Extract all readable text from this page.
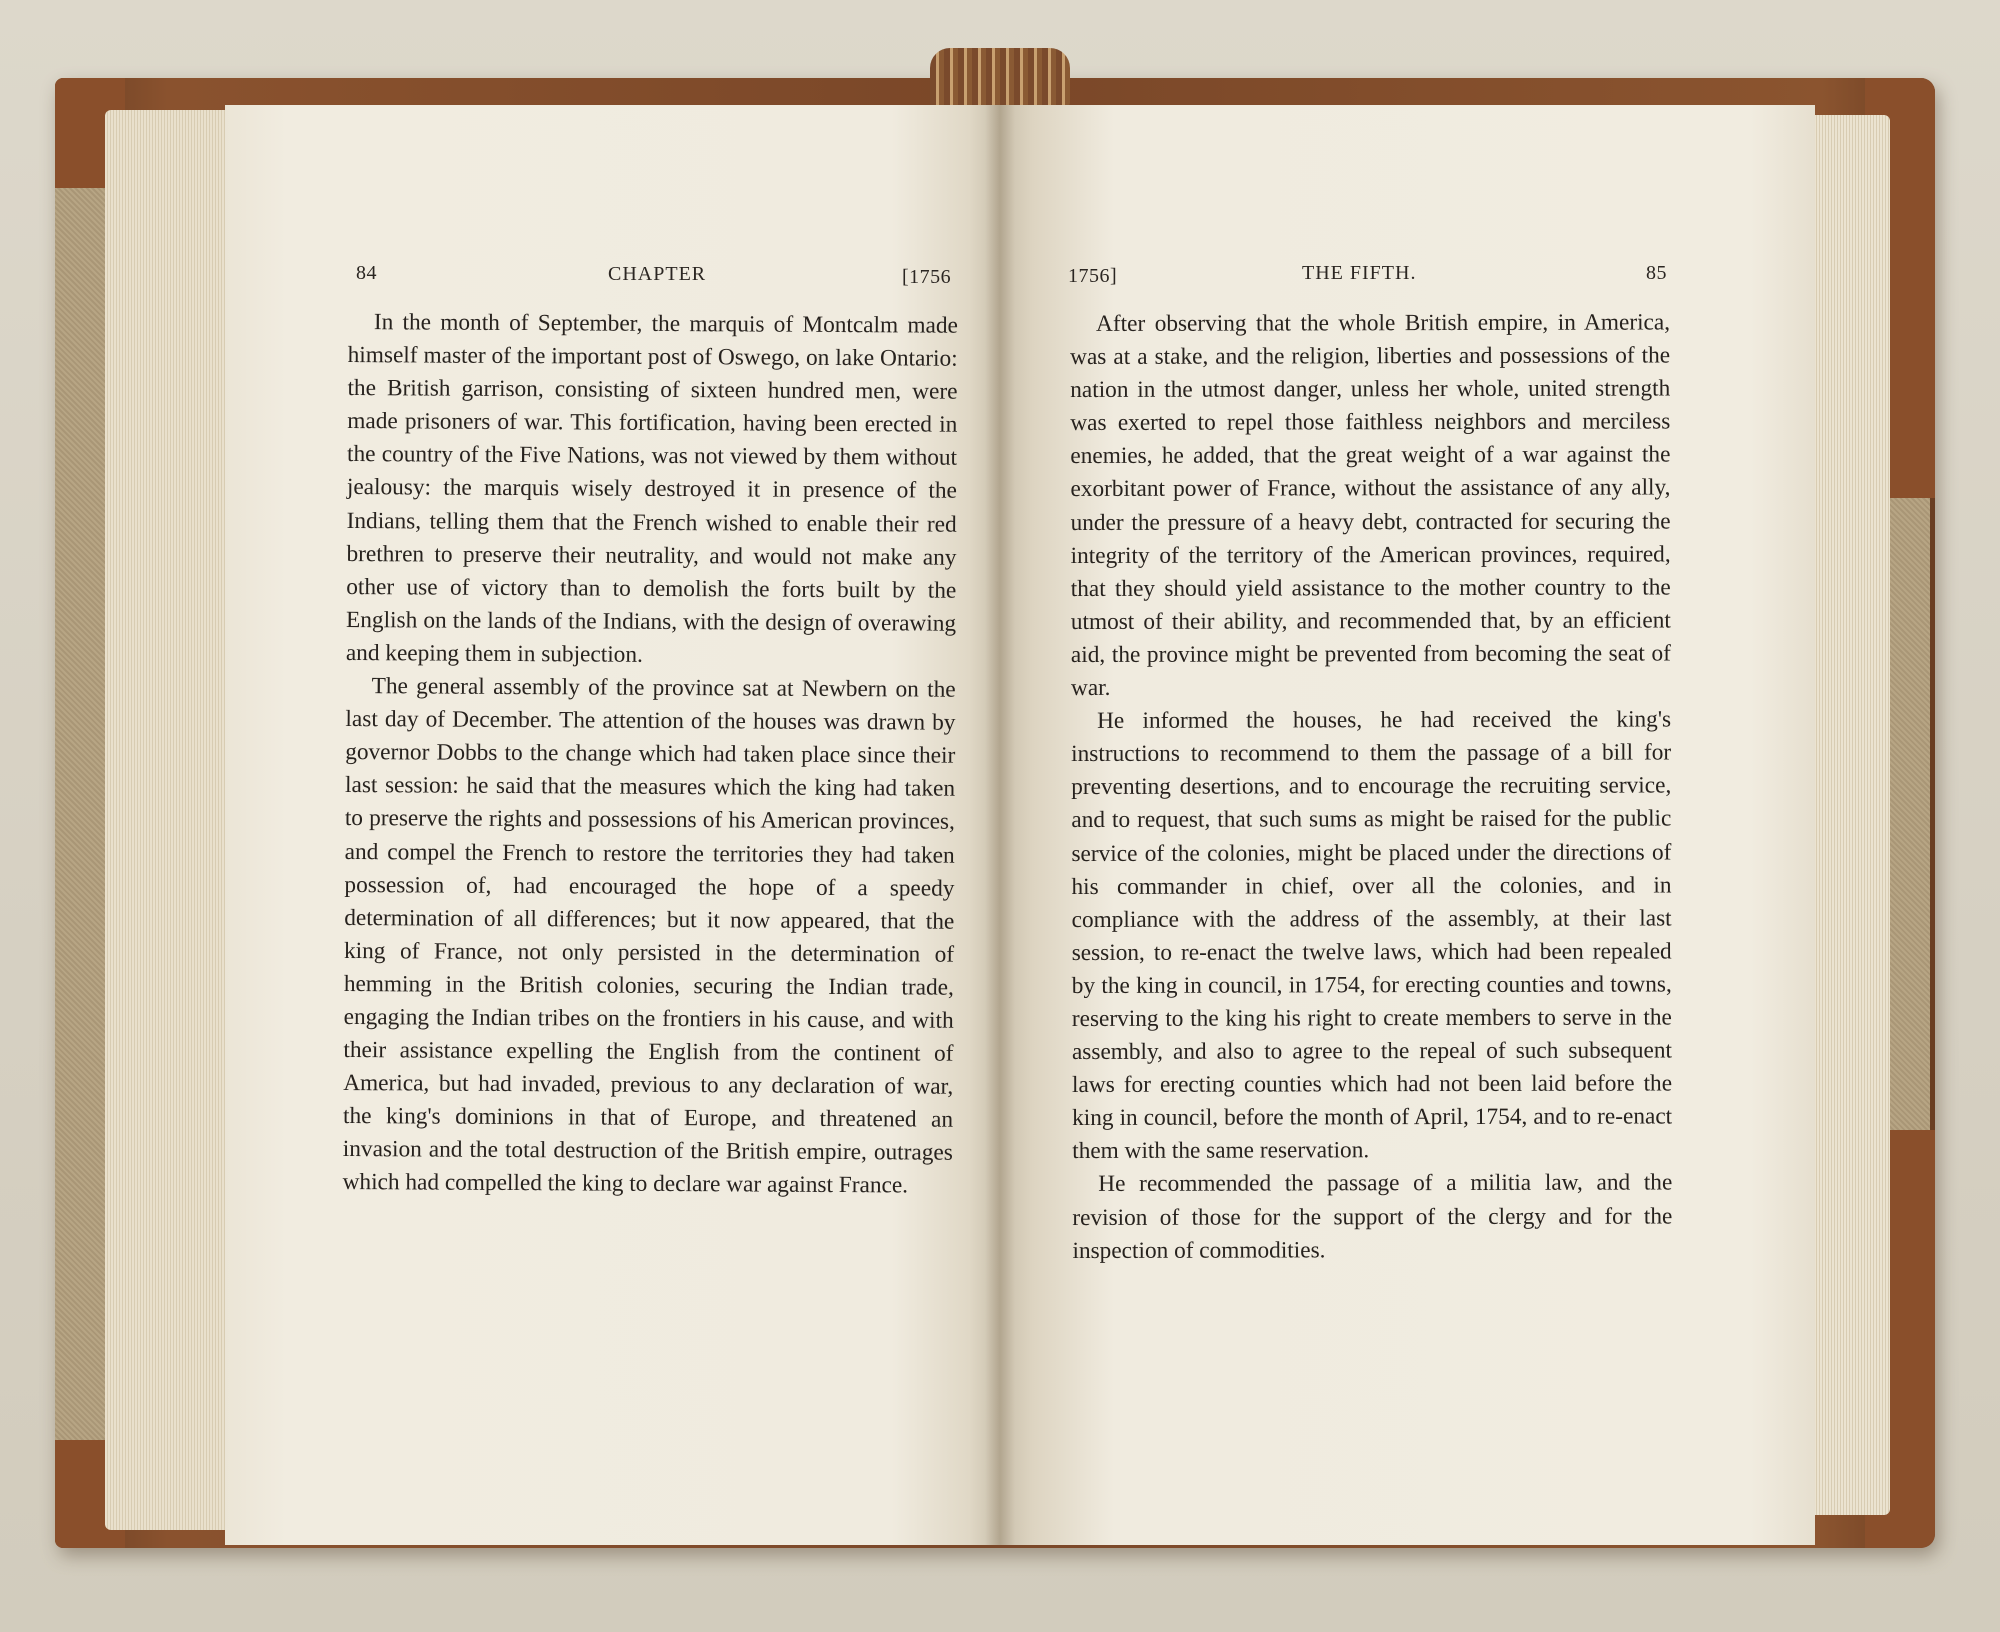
84	CHAPTER	[1756	1756]	THE FIFTH.	85

In the month of September, the marquis of Montcalm made himself master of the important post of Oswego, on lake Ontario: the British garrison, consisting of sixteen hundred men, were made prisoners of war. This fortification, having been erected in the country of the Five Nations, was not viewed by them without jealousy: the marquis wisely destroyed it in presence of the Indians, telling them that the French wished to enable their red brethren to preserve their neutrality, and would not make any other use of victory than to demolish the forts built by the English on the lands of the Indians, with the design of overawing and keeping them in subjection.

The general assembly of the province sat at Newbern on the last day of December. The attention of the houses was drawn by governor Dobbs to the change which had taken place since their last session: he said that the measures which the king had taken to preserve the rights and possessions of his American provinces, and compel the French to restore the territories they had taken possession of, had encouraged the hope of a speedy determination of all differences; but it now appeared, that the king of France, not only persisted in the determination of hemming in the British colonies, securing the Indian trade, engaging the Indian tribes on the frontiers in his cause, and with their assistance expelling the English from the continent of America, but had invaded, previous to any declaration of war, the king's dominions in that of Europe, and threatened an invasion and the total destruction of the British empire, outrages which had compelled the king to declare war against France.

After observing that the whole British empire, in America, was at a stake, and the religion, liberties and possessions of the nation in the utmost danger, unless her whole, united strength was exerted to repel those faithless neighbors and merciless enemies, he added, that the great weight of a war against the exorbitant power of France, without the assistance of any ally, under the pressure of a heavy debt, contracted for securing the integrity of the territory of the American provinces, required, that they should yield assistance to the mother country to the utmost of their ability, and recommended that, by an efficient aid, the province might be prevented from becoming the seat of war.

He informed the houses, he had received the king's instructions to recommend to them the passage of a bill for preventing desertions, and to encourage the recruiting service, and to request, that such sums as might be raised for the public service of the colonies, might be placed under the directions of his commander in chief, over all the colonies, and in compliance with the address of the assembly, at their last session, to re-enact the twelve laws, which had been repealed by the king in council, in 1754, for erecting counties and towns, reserving to the king his right to create members to serve in the assembly, and also to agree to the repeal of such subsequent laws for erecting counties which had not been laid before the king in council, before the month of April, 1754, and to re-enact them with the same reservation.

He recommended the passage of a militia law, and the revision of those for the support of the clergy and for the inspection of commodities.
